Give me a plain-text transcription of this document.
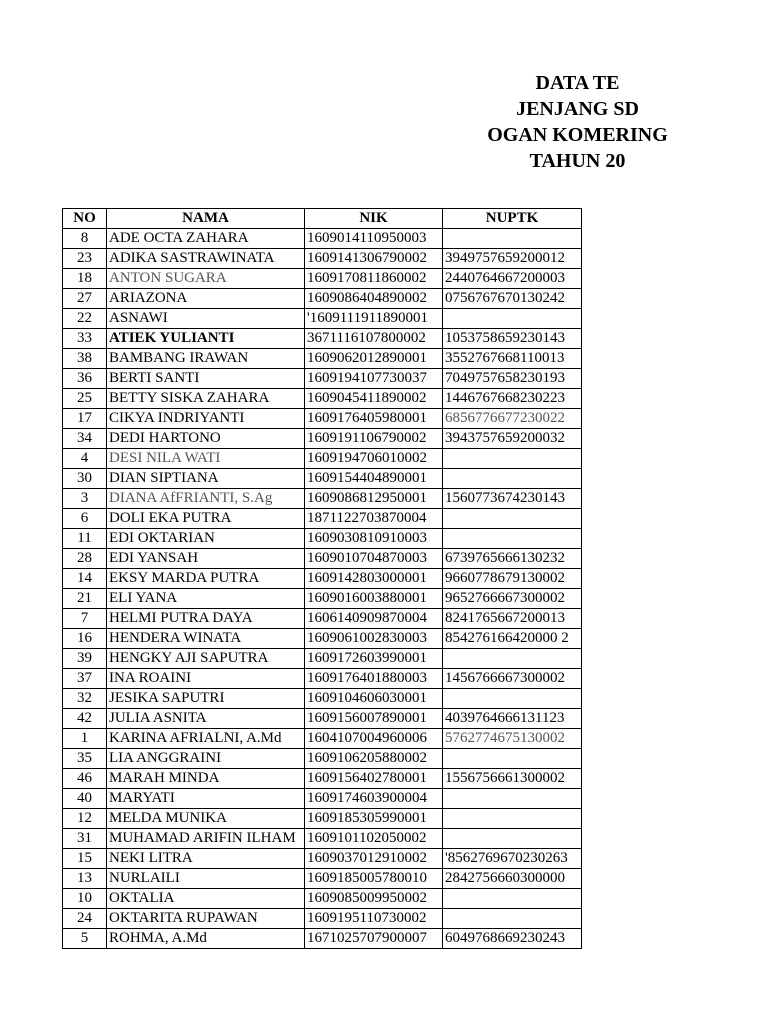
DATA TE
JENJANG SD
OGAN KOMERING
TAHUN 20
NO	NAMA	NIK	NUPTK
8	ADE OCTA ZAHARA	1609014110950003	
23	ADIKA SASTRAWINATA	1609141306790002	3949757659200012
18	ANTON SUGARA	1609170811860002	2440764667200003
27	ARIAZONA	1609086404890002	0756767670130242
22	ASNAWI	'1609111911890001	
33	ATIEK YULIANTI	3671116107800002	1053758659230143
38	BAMBANG IRAWAN	1609062012890001	3552767668110013
36	BERTI SANTI	1609194107730037	7049757658230193
25	BETTY SISKA ZAHARA	1609045411890002	1446767668230223
17	CIKYA INDRIYANTI	1609176405980001	6856776677230022
34	DEDI HARTONO	1609191106790002	3943757659200032
4	DESI NILA WATI	1609194706010002	
30	DIAN SIPTIANA	1609154404890001	
3	DIANA AfFRIANTI, S.Ag	1609086812950001	1560773674230143
6	DOLI EKA PUTRA	1871122703870004	
11	EDI OKTARIAN	1609030810910003	
28	EDI YANSAH	1609010704870003	6739765666130232
14	EKSY MARDA PUTRA	1609142803000001	9660778679130002
21	ELI YANA	1609016003880001	9652766667300002
7	HELMI PUTRA DAYA	1606140909870004	8241765667200013
16	HENDERA WINATA	1609061002830003	854276166420000 2
39	HENGKY AJI SAPUTRA	1609172603990001	
37	INA ROAINI	1609176401880003	1456766667300002
32	JESIKA SAPUTRI	1609104606030001	
42	JULIA ASNITA	1609156007890001	4039764666131123
1	KARINA AFRIALNI, A.Md	1604107004960006	5762774675130002
35	LIA ANGGRAINI	1609106205880002	
46	MARAH MINDA	1609156402780001	1556756661300002
40	MARYATI	1609174603900004	
12	MELDA MUNIKA	1609185305990001	
31	MUHAMAD ARIFIN ILHAM	1609101102050002	
15	NEKI LITRA	1609037012910002	'8562769670230263
13	NURLAILI	1609185005780010	2842756660300000
10	OKTALIA	1609085009950002	
24	OKTARITA RUPAWAN	1609195110730002	
5	ROHMA, A.Md	1671025707900007	6049768669230243
